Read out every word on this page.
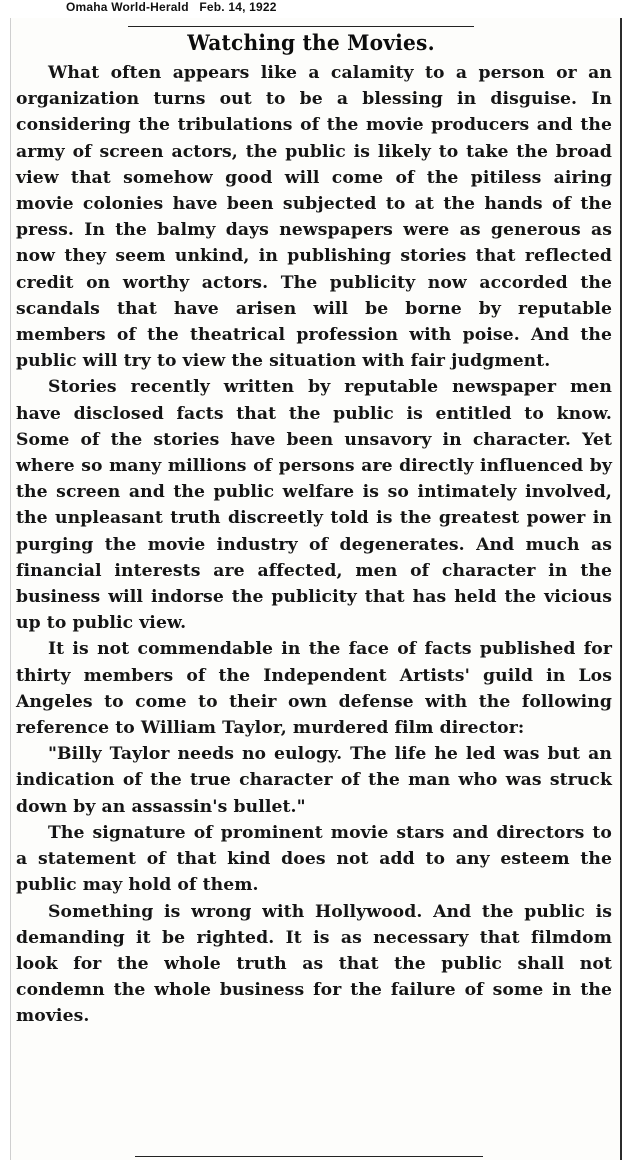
Omaha World-Herald Feb. 14, 1922
Watching the Movies.

What often appears like a calamity to a person or an organization turns out to be a blessing in disguise. In considering the tribulations of the movie producers and the army of screen actors, the public is likely to take the broad view that somehow good will come of the pitiless airing movie colonies have been subjected to at the hands of the press. In the balmy days newspapers were as generous as now they seem unkind, in publishing stories that reflected credit on worthy actors. The publicity now accorded the scandals that have arisen will be borne by reputable members of the theatrical profession with poise. And the public will try to view the situation with fair judgment.

Stories recently written by reputable newspaper men have disclosed facts that the public is entitled to know. Some of the stories have been unsavory in character. Yet where so many millions of persons are directly influenced by the screen and the public welfare is so intimately involved, the unpleasant truth discreetly told is the greatest power in purging the movie industry of degenerates. And much as financial interests are affected, men of character in the business will indorse the publicity that has held the vicious up to public view.

It is not commendable in the face of facts published for thirty members of the Independent Artists' guild in Los Angeles to come to their own defense with the following reference to William Taylor, murdered film director:

"Billy Taylor needs no eulogy. The life he led was but an indication of the true character of the man who was struck down by an assassin's bullet."

The signature of prominent movie stars and directors to a statement of that kind does not add to any esteem the public may hold of them.

Something is wrong with Hollywood. And the public is demanding it be righted. It is as necessary that filmdom look for the whole truth as that the public shall not condemn the whole business for the failure of some in the movies.
